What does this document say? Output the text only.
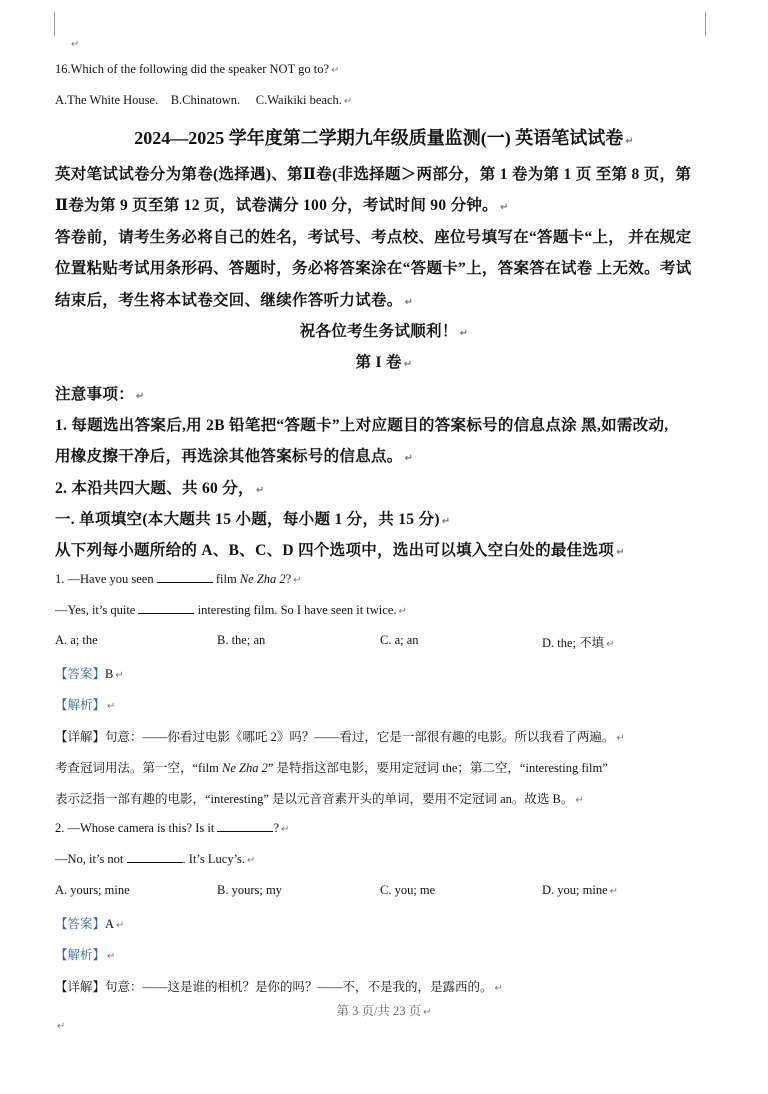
↵
16.Which of the following did the speaker NOT go to? ↵
A.The White House. B.Chinatown. C.Waikiki beach. ↵
2024—2025 学年度第二学期九年级质量监测(一) 英语笔试试卷 ↵
英对笔试试卷分为第卷(选择遇)、第Ⅱ卷(非选择题＞两部分，第 1 卷为第 1 页 至第 8 页，第
Ⅱ卷为第 9 页至第 12 页，试卷满分 100 分，考试时间 90 分钟。 ↵
答卷前，请考生务必将自己的姓名，考试号、考点校、座位号填写在“答题卡“上， 并在规定
位置粘贴考试用条形码、答题时，务必将答案涂在“答题卡”上，答案答在试卷 上无效。考试
结束后，考生将本试卷交回、继续作答听力试卷。 ↵
祝各位考生务试顺利！ ↵
第 I 卷 ↵
注意事项： ↵
1. 每题选出答案后,用 2B 铅笔把“答题卡”上对应题目的答案标号的信息点涂 黑,如需改动,
用橡皮擦干净后，再选涂其他答案标号的信息点。 ↵
2. 本沿共四大题、共 60 分， ↵
一. 单项填空(本大题共 15 小题，每小题 1 分，共 15 分) ↵
从下列每小题所给的 A、B、C、D 四个选项中，选出可以填入空白处的最佳选项 ↵
1. —Have you seen	film Ne Zha 2? ↵
—Yes, it’s quite	interesting film. So I have seen it twice. ↵
A. a; the	B. the; an	C. a; an	D. the; 不填 ↵
【答案】B ↵
【解析】 ↵
【详解】句意：——你看过电影《哪吒 2》吗？——看过，它是一部很有趣的电影。所以我看了两遍。 ↵
考查冠词用法。第一空，“film Ne Zha 2” 是特指这部电影，要用定冠词 the；第二空，“interesting film”
表示泛指一部有趣的电影，“interesting” 是以元音音素开头的单词，要用不定冠词 an。故选 B。 ↵
2. —Whose camera is this? Is it	? ↵
—No, it’s not	. It’s Lucy’s. ↵
A. yours; mine	B. yours; my	C. you; me	D. you; mine ↵
【答案】A ↵
【解析】 ↵
【详解】句意：——这是谁的相机？是你的吗？——不，不是我的，是露西的。 ↵
第 3 页/共 23 页 ↵
↵
